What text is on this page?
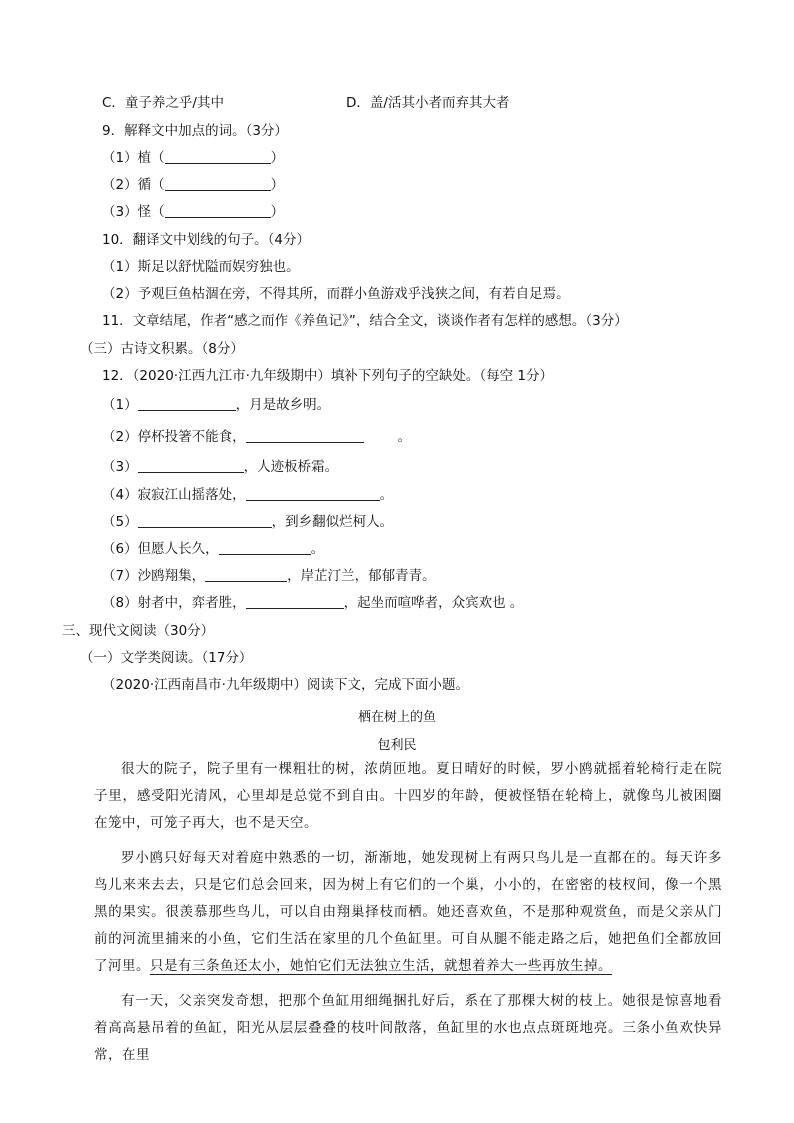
C．童子养之乎/其中	D．盖/活其小者而弃其大者
9．解释文中加点的词。（3分）
（1）植（	）
（2）循（	）
（3）怪（	）
10．翻译文中划线的句子。（4分）
（1）斯足以舒忧隘而娱穷独也。
（2）予观巨鱼枯涸在旁，不得其所，而群小鱼游戏乎浅狭之间，有若自足焉。
11．文章结尾，作者“感之而作《养鱼记》”，结合全文，谈谈作者有怎样的感想。（3分）
（三）古诗文积累。（8分）
12．（2020·江西九江市·九年级期中）填补下列句子的空缺处。（每空 1分）
（1）	，月是故乡明。
（2）停杯投箸不能食，	。
（3）	，人迹板桥霜。
（4）寂寂江山摇落处，	。
（5）	，到乡翻似烂柯人。
（6）但愿人长久，	。
（7）沙鸥翔集，	，岸芷汀兰，郁郁青青。
（8）射者中，弈者胜，	，起坐而喧哗者，众宾欢也 。
三、现代文阅读（30分）
（一）文学类阅读。（17分）
（2020·江西南昌市·九年级期中）阅读下文，完成下面小题。
栖在树上的鱼
包利民

很大的院子，院子里有一棵粗壮的树，浓荫匝地。夏日晴好的时候，罗小鸥就摇着轮椅行走在院子里，感受阳光清风，心里却是总觉不到自由。十四岁的年龄，便被怪牾在轮椅上，就像鸟儿被困圈在笼中，可笼子再大，也不是天空。

罗小鸥只好每天对着庭中熟悉的一切，渐渐地，她发现树上有两只鸟儿是一直都在的。每天许多鸟儿来来去去，只是它们总会回来，因为树上有它们的一个巢，小小的，在密密的枝杈间，像一个黑黑的果实。很羡慕那些鸟儿，可以自由翔巢择枝而栖。她还喜欢鱼，不是那种观赏鱼，而是父亲从门前的河流里捕来的小鱼，它们生活在家里的几个鱼缸里。可自从腿不能走路之后，她把鱼们全都放回了河里。只是有三条鱼还太小，她怕它们无法独立生活，就想着养大一些再放生掉。

有一天，父亲突发奇想，把那个鱼缸用细绳捆扎好后，系在了那棵大树的枝上。她很是惊喜地看着高高悬吊着的鱼缸，阳光从层层叠叠的枝叶间散落，鱼缸里的水也点点斑斑地亮。三条小鱼欢快异常，在里
